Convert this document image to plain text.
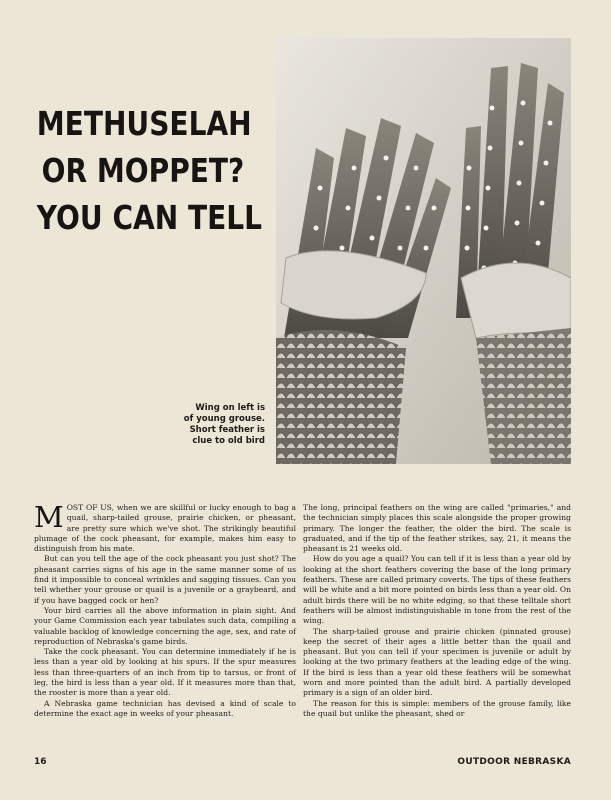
METHUSELAH
OR MOPPET?
YOU CAN TELL
Wing on left is
of young grouse.
Short feather is
clue to old bird

MOST OF US, when we are skillful or lucky enough to bag a quail, sharp-tailed grouse, prairie chicken, or pheasant, are pretty sure which we've shot. The strikingly beautiful plumage of the cock pheasant, for example, makes him easy to distinguish from his mate.

But can you tell the age of the cock pheasant you just shot? The pheasant carries signs of his age in the same manner some of us find it impossible to conceal wrinkles and sagging tissues. Can you tell whether your grouse or quail is a juvenile or a graybeard, and if you have bagged cock or hen?

Your bird carries all the above information in plain sight. And your Game Commission each year tabulates such data, compiling a valuable backlog of knowledge concerning the age, sex, and rate of reproduction of Nebraska's game birds.

Take the cock pheasant. You can determine immediately if he is less than a year old by looking at his spurs. If the spur measures less than three-quarters of an inch from tip to tarsus, or front of leg, the bird is less than a year old. If it measures more than that, the rooster is more than a year old.

A Nebraska game technician has devised a kind of scale to determine the exact age in weeks of your pheasant.

The long, principal feathers on the wing are called "primaries," and the technician simply places this scale alongside the proper growing primary. The longer the feather, the older the bird. The scale is graduated, and if the tip of the feather strikes, say, 21, it means the pheasant is 21 weeks old.

How do you age a quail? You can tell if it is less than a year old by looking at the short feathers covering the base of the long primary feathers. These are called primary coverts. The tips of these feathers will be white and a bit more pointed on birds less than a year old. On adult birds there will be no white edging, so that these telltale short feathers will be almost indistinguishable in tone from the rest of the wing.

The sharp-tailed grouse and prairie chicken (pinnated grouse) keep the secret of their ages a little better than the quail and pheasant. But you can tell if your specimen is juvenile or adult by looking at the two primary feathers at the leading edge of the wing. If the bird is less than a year old these feathers will be somewhat worn and more pointed than the adult bird. A partially developed primary is a sign of an older bird.

The reason for this is simple: members of the grouse family, like the quail but unlike the pheasant, shed or

16	OUTDOOR NEBRASKA
